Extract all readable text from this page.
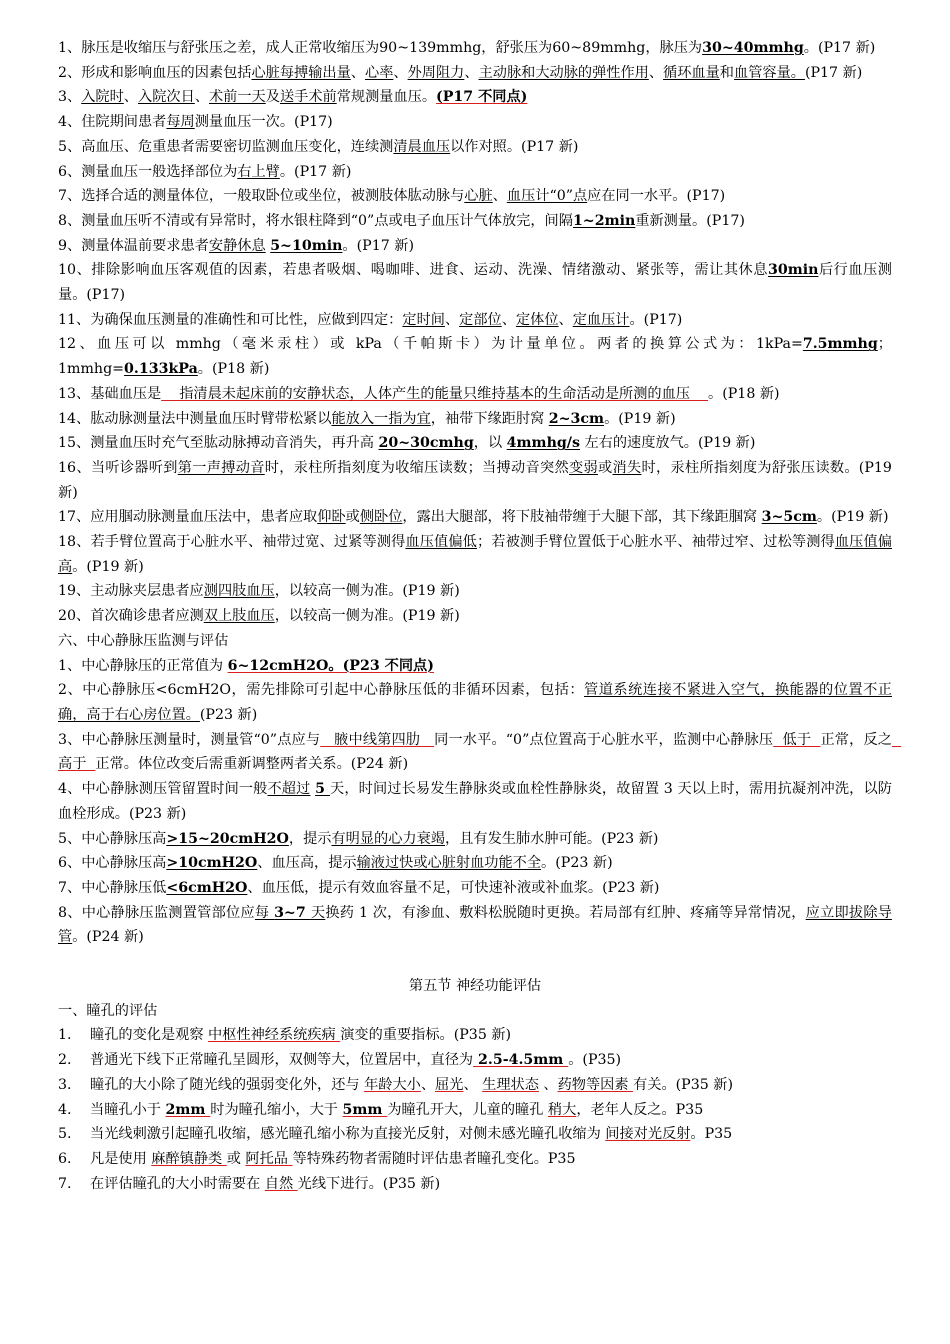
1、脉压是收缩压与舒张压之差，成人正常收缩压为90~139mmhg，舒张压为60~89mmhg，脉压为30~40mmhg。(P17 新)

2、形成和影响血压的因素包括心脏每搏输出量、心率、外周阻力、主动脉和大动脉的弹性作用、循环血量和血管容量。(P17 新)

3、入院时、入院次日、术前一天及送手术前常规测量血压。(P17 不同点)

4、住院期间患者每周测量血压一次。(P17)

5、高血压、危重患者需要密切监测血压变化，连续测清晨血压以作对照。(P17 新)

6、测量血压一般选择部位为右上臂。(P17 新)

7、选择合适的测量体位，一般取卧位或坐位，被测肢体肱动脉与心脏、血压计“0”点应在同一水平。(P17)

8、测量血压听不清或有异常时，将水银柱降到“0”点或电子血压计气体放完，间隔1~2min重新测量。(P17)

9、测量体温前要求患者安静休息 5~10min。(P17 新)

10、排除影响血压客观值的因素，若患者吸烟、喝咖啡、进食、运动、洗澡、情绪激动、紧张等，需让其休息30min后行血压测量。(P17)

11、为确保血压测量的准确性和可比性，应做到四定：定时间、定部位、定体位、定血压计。(P17)

12、血压可以 mmhg（毫米汞柱）或 kPa（千帕斯卡）为计量单位。两者的换算公式为：1kPa=7.5mmhg；1mmhg=0.133kPa。(P18 新)

13、基础血压是    指清晨未起床前的安静状态，人体产生的能量只维持基本的生命活动是所测的血压    。(P18 新)

14、肱动脉测量法中测量血压时臂带松紧以能放入一指为宜，袖带下缘距肘窝 2~3cm。(P19 新)

15、测量血压时充气至肱动脉搏动音消失，再升高 20~30cmhg，以 4mmhg/s 左右的速度放气。(P19 新)

16、当听诊器听到第一声搏动音时，汞柱所指刻度为收缩压读数；当搏动音突然变弱或消失时，汞柱所指刻度为舒张压读数。(P19 新)

17、应用腘动脉测量血压法中，患者应取仰卧或侧卧位，露出大腿部，将下肢袖带缠于大腿下部，其下缘距腘窝 3~5cm。(P19 新)

18、若手臂位置高于心脏水平、袖带过宽、过紧等测得血压值偏低；若被测手臂位置低于心脏水平、袖带过窄、过松等测得血压值偏高。(P19 新)

19、主动脉夹层患者应测四肢血压，以较高一侧为准。(P19 新)

20、首次确诊患者应测双上肢血压，以较高一侧为准。(P19 新)

六、中心静脉压监测与评估

1、中心静脉压的正常值为 6~12cmH2O。(P23 不同点)

2、中心静脉压<6cmH2O，需先排除可引起中心静脉压低的非循环因素，包括：管道系统连接不紧进入空气，换能器的位置不正确，高于右心房位置。(P23 新)

3、中心静脉压测量时，测量管“0”点应与   腋中线第四肋   同一水平。“0”点位置高于心脏水平，监测中心静脉压  低于  正常，反之  高于  正常。体位改变后需重新调整两者关系。(P24 新)

4、中心静脉测压管留置时间一般不超过 5 天，时间过长易发生静脉炎或血栓性静脉炎，故留置 3 天以上时，需用抗凝剂冲洗，以防血栓形成。(P23 新)

5、中心静脉压高>15~20cmH2O，提示有明显的心力衰竭，且有发生肺水肿可能。(P23 新)

6、中心静脉压高>10cmH2O、血压高，提示输液过快或心脏射血功能不全。(P23 新)

7、中心静脉压低<6cmH2O、血压低，提示有效血容量不足，可快速补液或补血浆。(P23 新)

8、中心静脉压监测置管部位应每 3~7 天换药 1 次，有渗血、敷料松脱随时更换。若局部有红肿、疼痛等异常情况，应立即拔除导管。(P24 新)

第五节 神经功能评估

一、瞳孔的评估

1.	瞳孔的变化是观察 中枢性神经系统疾病 演变的重要指标。(P35 新)
2.	普通光下线下正常瞳孔呈圆形，双侧等大，位置居中，直径为 2.5-4.5mm 。(P35)
3.	瞳孔的大小除了随光线的强弱变化外，还与 年龄大小、屈光、 生理状态 、药物等因素 有关。(P35 新)
4.	当瞳孔小于 2mm 时为瞳孔缩小，大于 5mm 为瞳孔开大，儿童的瞳孔 稍大，老年人反之。P35
5.	当光线刺激引起瞳孔收缩，感光瞳孔缩小称为直接光反射，对侧未感光瞳孔收缩为 间接对光反射。P35
6.	凡是使用 麻醉镇静类 或 阿托品 等特殊药物者需随时评估患者瞳孔变化。P35
7.	在评估瞳孔的大小时需要在 自然 光线下进行。(P35 新)
